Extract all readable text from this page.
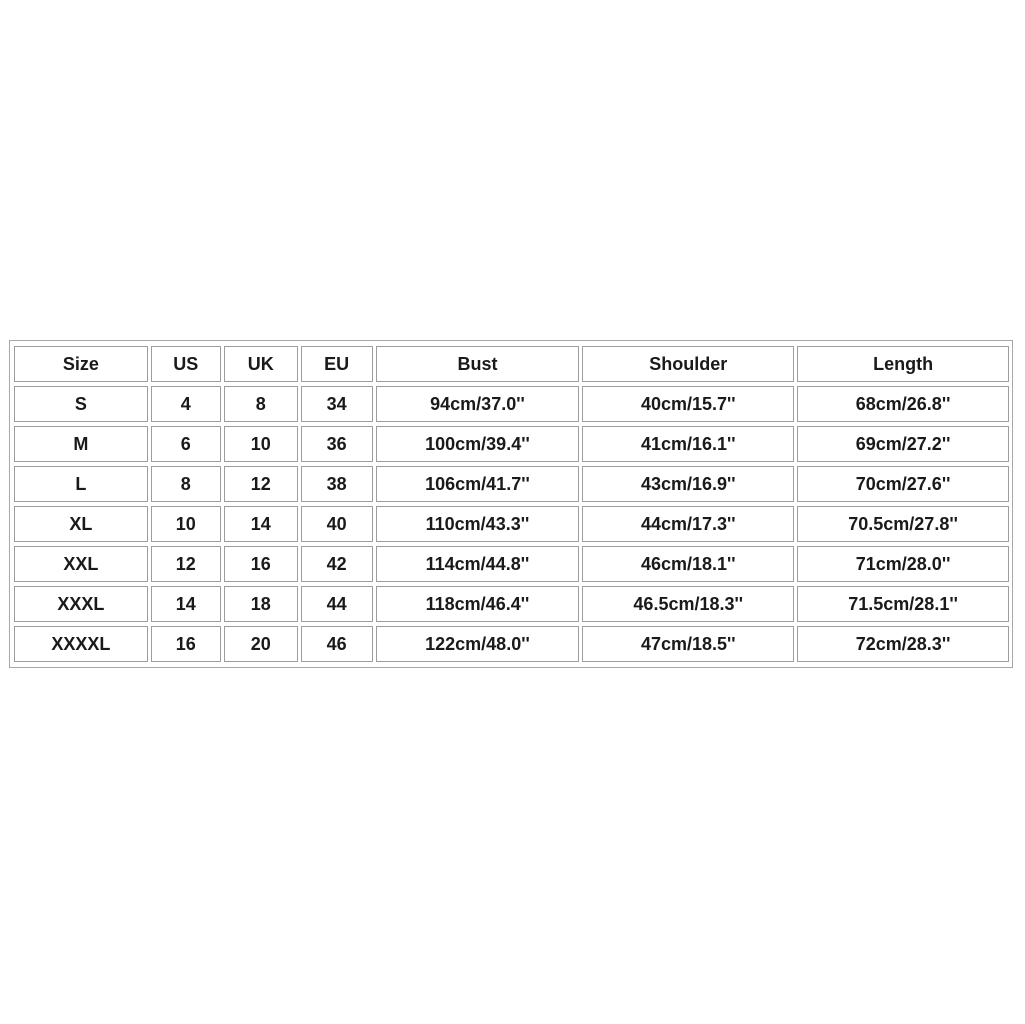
Size	US	UK	EU	Bust	Shoulder	Length
S	4	8	34	94cm/37.0''	40cm/15.7''	68cm/26.8''
M	6	10	36	100cm/39.4''	41cm/16.1''	69cm/27.2''
L	8	12	38	106cm/41.7''	43cm/16.9''	70cm/27.6''
XL	10	14	40	110cm/43.3''	44cm/17.3''	70.5cm/27.8''
XXL	12	16	42	114cm/44.8''	46cm/18.1''	71cm/28.0''
XXXL	14	18	44	118cm/46.4''	46.5cm/18.3''	71.5cm/28.1''
XXXXL	16	20	46	122cm/48.0''	47cm/18.5''	72cm/28.3''
